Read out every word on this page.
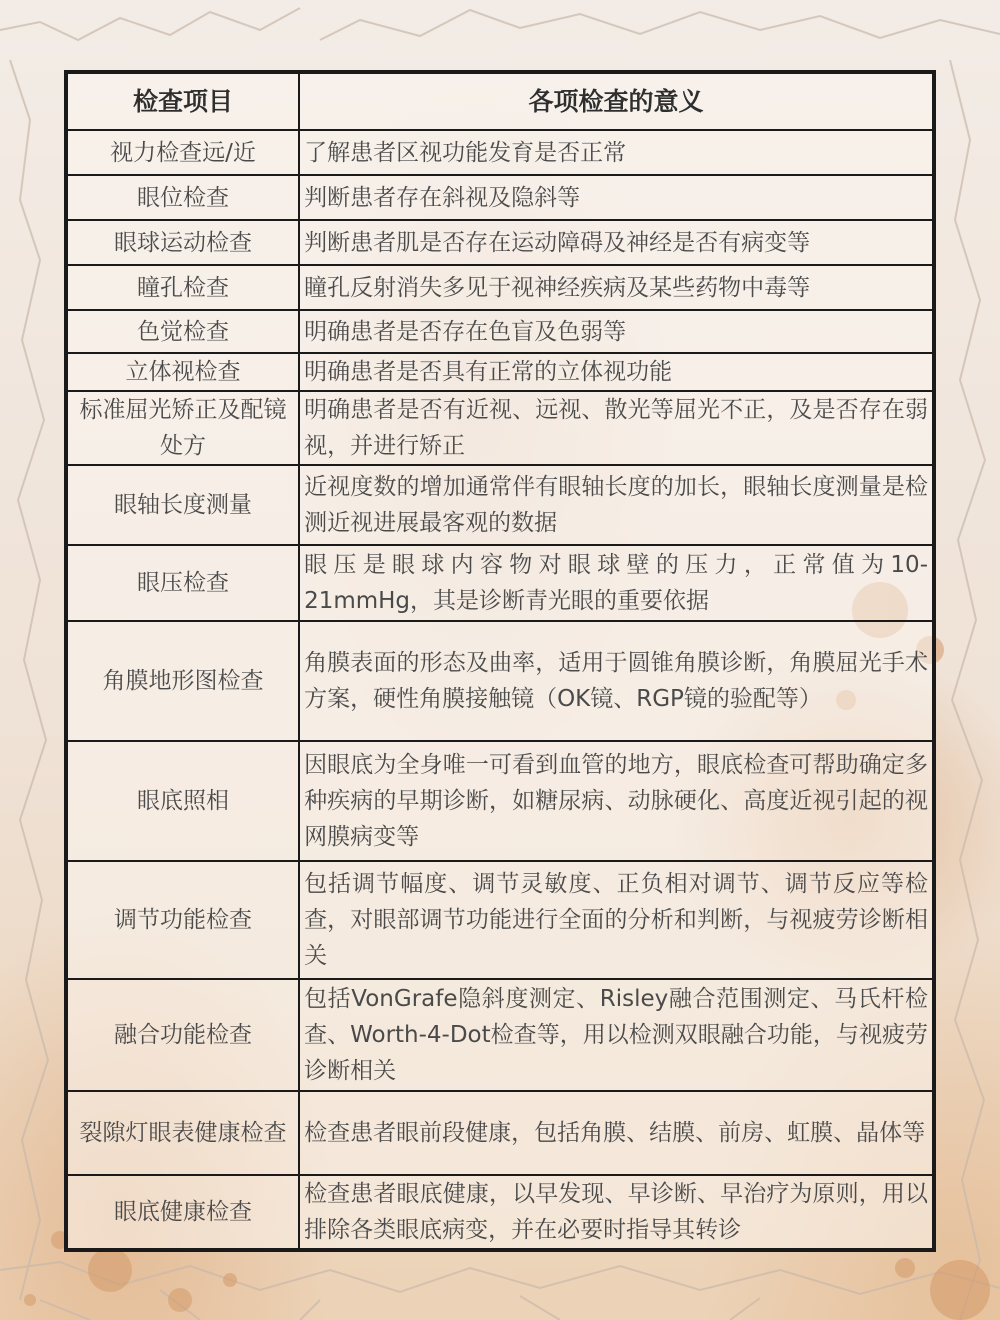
检查项目	各项检查的意义
视力检查远/近	了解患者区视功能发育是否正常
眼位检查	判断患者存在斜视及隐斜等
眼球运动检查	判断患者肌是否存在运动障碍及神经是否有病变等
瞳孔检查	瞳孔反射消失多见于视神经疾病及某些药物中毒等
色觉检查	明确患者是否存在色盲及色弱等
立体视检查	明确患者是否具有正常的立体视功能
标准屈光矫正及配镜处方	明确患者是否有近视、远视、散光等屈光不正，及是否存在弱视，并进行矫正
眼轴长度测量	近视度数的增加通常伴有眼轴长度的加长，眼轴长度测量是检测近视进展最客观的数据
眼压检查	眼压是眼球内容物对眼球壁的压力，正常值为10-21mmHg，其是诊断青光眼的重要依据
角膜地形图检查	角膜表面的形态及曲率，适用于圆锥角膜诊断，角膜屈光手术方案，硬性角膜接触镜（OK镜、RGP镜的验配等）
眼底照相	因眼底为全身唯一可看到血管的地方，眼底检查可帮助确定多种疾病的早期诊断，如糖尿病、动脉硬化、高度近视引起的视网膜病变等
调节功能检查	包括调节幅度、调节灵敏度、正负相对调节、调节反应等检查，对眼部调节功能进行全面的分析和判断，与视疲劳诊断相关
融合功能检查	包括VonGrafe隐斜度测定、Risley融合范围测定、马氏杆检查、Worth-4-Dot检查等，用以检测双眼融合功能，与视疲劳诊断相关
裂隙灯眼表健康检查	检查患者眼前段健康，包括角膜、结膜、前房、虹膜、晶体等
眼底健康检查	检查患者眼底健康，以早发现、早诊断、早治疗为原则，用以排除各类眼底病变，并在必要时指导其转诊
